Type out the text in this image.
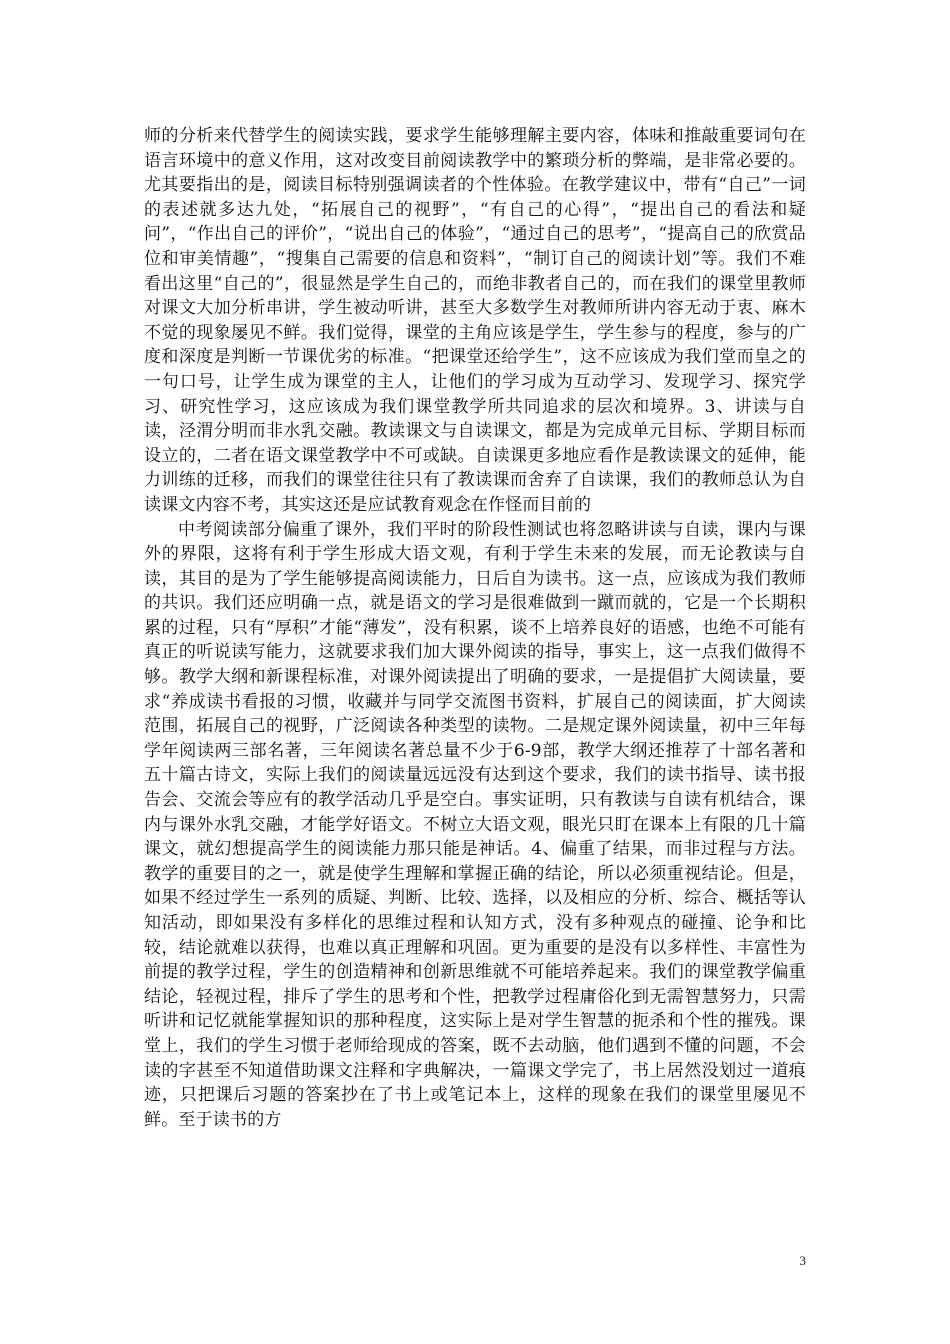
师的分析来代替学生的阅读实践，要求学生能够理解主要内容，体味和推敲重要词句在语言环境中的意义作用，这对改变目前阅读教学中的繁琐分析的弊端，是非常必要的。尤其要指出的是，阅读目标特别强调读者的个性体验。在教学建议中，带有“自己”一词的表述就多达九处，“拓展自己的视野”，“有自己的心得”，“提出自己的看法和疑问”，“作出自己的评价”，“说出自己的体验”，“通过自己的思考”，“提高自己的欣赏品位和审美情趣”，“搜集自己需要的信息和资料”，“制订自己的阅读计划”等。我们不难看出这里“自己的”，很显然是学生自己的，而绝非教者自己的，而在我们的课堂里教师对课文大加分析串讲，学生被动听讲，甚至大多数学生对教师所讲内容无动于衷、麻木不觉的现象屡见不鲜。我们觉得，课堂的主角应该是学生，学生参与的程度，参与的广度和深度是判断一节课优劣的标准。“把课堂还给学生”，这不应该成为我们堂而皇之的一句口号，让学生成为课堂的主人，让他们的学习成为互动学习、发现学习、探究学习、研究性学习，这应该成为我们课堂教学所共同追求的层次和境界。3、讲读与自读，泾渭分明而非水乳交融。教读课文与自读课文，都是为完成单元目标、学期目标而设立的，二者在语文课堂教学中不可或缺。自读课更多地应看作是教读课文的延伸，能力训练的迁移，而我们的课堂往往只有了教读课而舍弃了自读课，我们的教师总认为自读课文内容不考，其实这还是应试教育观念在作怪而目前的

中考阅读部分偏重了课外，我们平时的阶段性测试也将忽略讲读与自读，课内与课外的界限，这将有利于学生形成大语文观，有利于学生未来的发展，而无论教读与自读，其目的是为了学生能够提高阅读能力，日后自为读书。这一点，应该成为我们教师的共识。我们还应明确一点，就是语文的学习是很难做到一蹴而就的，它是一个长期积累的过程，只有“厚积”才能“薄发”，没有积累，谈不上培养良好的语感，也绝不可能有真正的听说读写能力，这就要求我们加大课外阅读的指导，事实上，这一点我们做得不够。教学大纲和新课程标准，对课外阅读提出了明确的要求，一是提倡扩大阅读量，要求“养成读书看报的习惯，收藏并与同学交流图书资料，扩展自己的阅读面，扩大阅读范围，拓展自己的视野，广泛阅读各种类型的读物。二是规定课外阅读量，初中三年每学年阅读两三部名著，三年阅读名著总量不少于6-9部，教学大纲还推荐了十部名著和五十篇古诗文，实际上我们的阅读量远远没有达到这个要求，我们的读书指导、读书报告会、交流会等应有的教学活动几乎是空白。事实证明，只有教读与自读有机结合，课内与课外水乳交融，才能学好语文。不树立大语文观，眼光只盯在课本上有限的几十篇课文，就幻想提高学生的阅读能力那只能是神话。4、偏重了结果，而非过程与方法。教学的重要目的之一，就是使学生理解和掌握正确的结论，所以必须重视结论。但是，如果不经过学生一系列的质疑、判断、比较、选择，以及相应的分析、综合、概括等认知活动，即如果没有多样化的思维过程和认知方式，没有多种观点的碰撞、论争和比较，结论就难以获得，也难以真正理解和巩固。更为重要的是没有以多样性、丰富性为前提的教学过程，学生的创造精神和创新思维就不可能培养起来。我们的课堂教学偏重结论，轻视过程，排斥了学生的思考和个性，把教学过程庸俗化到无需智慧努力，只需听讲和记忆就能掌握知识的那种程度，这实际上是对学生智慧的扼杀和个性的摧残。课堂上，我们的学生习惯于老师给现成的答案，既不去动脑，他们遇到不懂的问题，不会读的字甚至不知道借助课文注释和字典解决，一篇课文学完了，书上居然没划过一道痕迹，只把课后习题的答案抄在了书上或笔记本上，这样的现象在我们的课堂里屡见不鲜。至于读书的方

3
